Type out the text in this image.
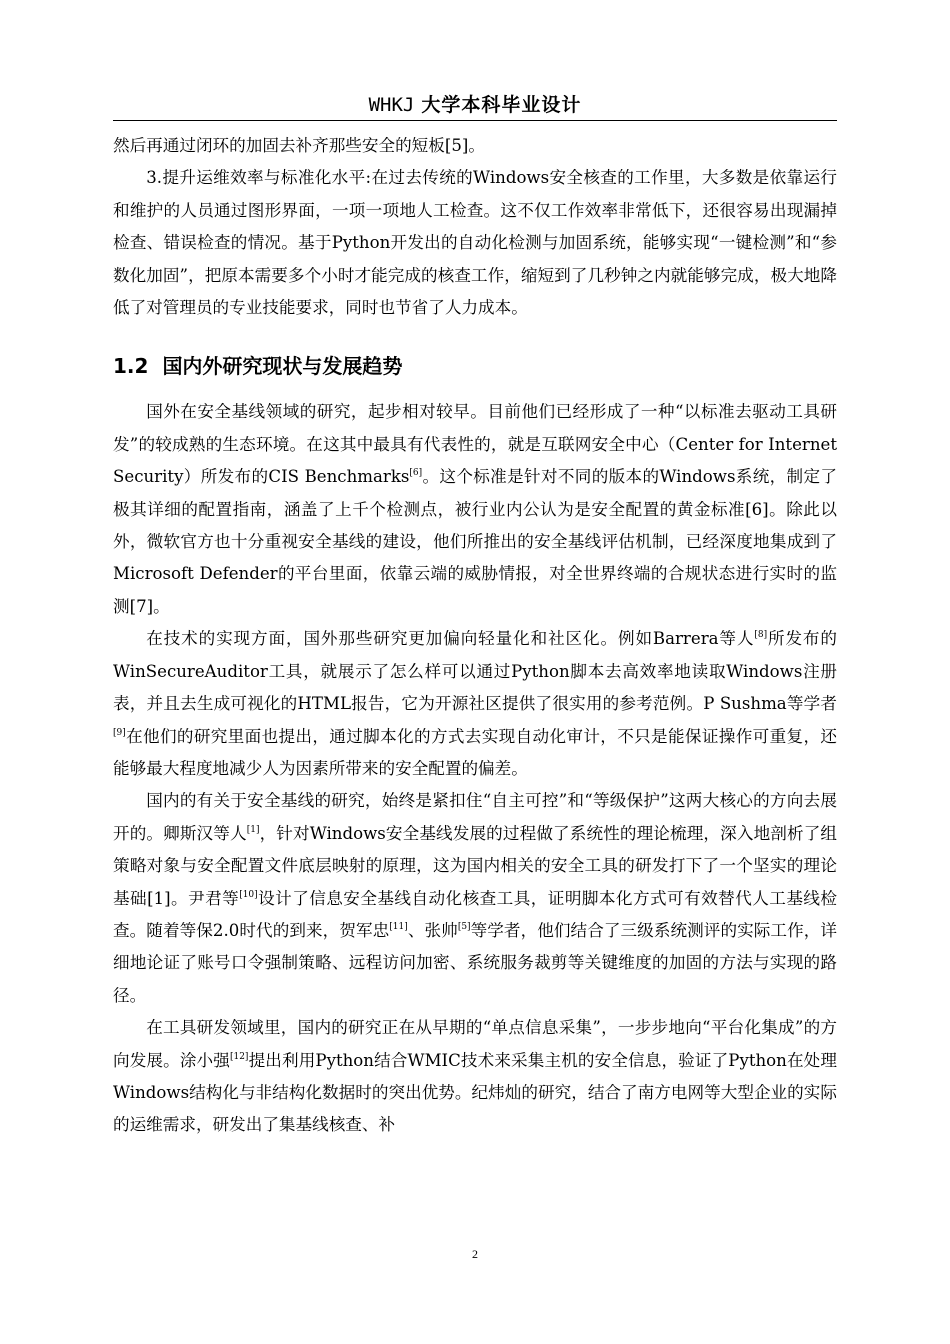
WHKJ 大学本科毕业设计

然后再通过闭环的加固去补齐那些安全的短板[5]。

3.提升运维效率与标准化水平:在过去传统的Windows安全核查的工作里，大多数是依靠运行和维护的人员通过图形界面，一项一项地人工检查。这不仅工作效率非常低下，还很容易出现漏掉检查、错误检查的情况。基于Python开发出的自动化检测与加固系统，能够实现“一键检测”和“参数化加固”，把原本需要多个小时才能完成的核查工作，缩短到了几秒钟之内就能够完成，极大地降低了对管理员的专业技能要求，同时也节省了人力成本。

1.2 国内外研究现状与发展趋势

国外在安全基线领域的研究，起步相对较早。目前他们已经形成了一种“以标准去驱动工具研发”的较成熟的生态环境。在这其中最具有代表性的，就是互联网安全中心（Center for Internet Security）所发布的CIS Benchmarks[6]。这个标准是针对不同的版本的Windows系统，制定了极其详细的配置指南，涵盖了上千个检测点，被行业内公认为是安全配置的黄金标准[6]。除此以外，微软官方也十分重视安全基线的建设，他们所推出的安全基线评估机制，已经深度地集成到了Microsoft Defender的平台里面，依靠云端的威胁情报，对全世界终端的合规状态进行实时的监测[7]。

在技术的实现方面，国外那些研究更加偏向轻量化和社区化。例如Barrera等人[8]所发布的WinSecureAuditor工具，就展示了怎么样可以通过Python脚本去高效率地读取Windows注册表，并且去生成可视化的HTML报告，它为开源社区提供了很实用的参考范例。P Sushma等学者[9]在他们的研究里面也提出，通过脚本化的方式去实现自动化审计，不只是能保证操作可重复，还能够最大程度地减少人为因素所带来的安全配置的偏差。

国内的有关于安全基线的研究，始终是紧扣住“自主可控”和“等级保护”这两大核心的方向去展开的。卿斯汉等人[1]，针对Windows安全基线发展的过程做了系统性的理论梳理，深入地剖析了组策略对象与安全配置文件底层映射的原理，这为国内相关的安全工具的研发打下了一个坚实的理论基础[1]。尹君等[10]设计了信息安全基线自动化核查工具，证明脚本化方式可有效替代人工基线检查。随着等保2.0时代的到来，贺军忠[11]、张帅[5]等学者，他们结合了三级系统测评的实际工作，详细地论证了账号口令强制策略、远程访问加密、系统服务裁剪等关键维度的加固的方法与实现的路径。

在工具研发领域里，国内的研究正在从早期的“单点信息采集”，一步步地向“平台化集成”的方向发展。涂小强[12]提出利用Python结合WMIC技术来采集主机的安全信息，验证了Python在处理Windows结构化与非结构化数据时的突出优势。纪炜灿的研究，结合了南方电网等大型企业的实际的运维需求，研发出了集基线核查、补

2
